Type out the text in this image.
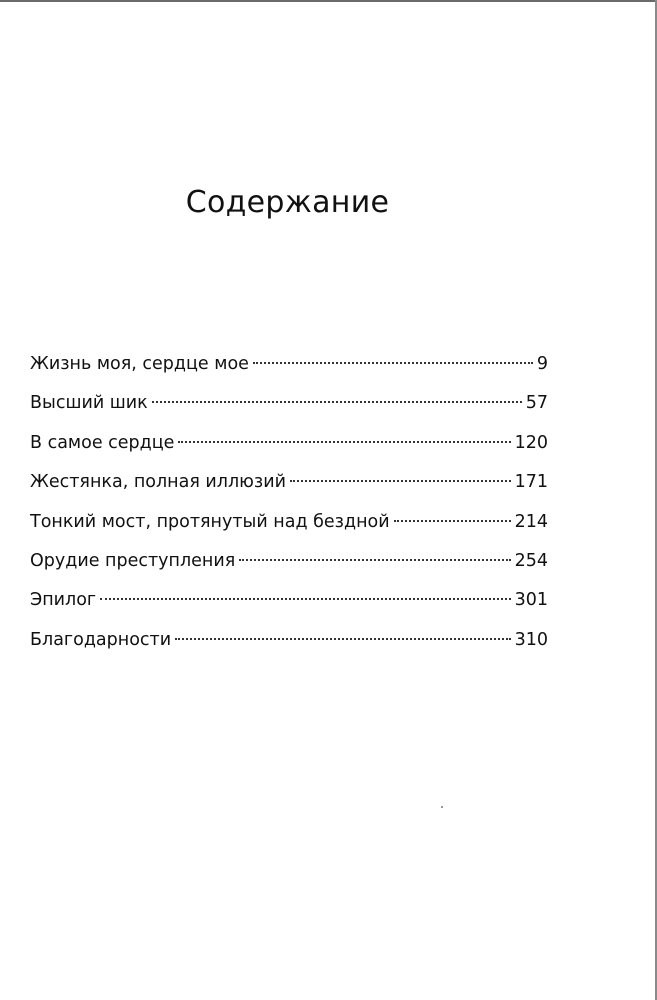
Содержание
Жизнь моя, сердце мое	9
Высший шик	57
В самое сердце	120
Жестянка, полная иллюзий	171
Тонкий мост, протянутый над бездной	214
Орудие преступления	254
Эпилог	301
Благодарности	310
